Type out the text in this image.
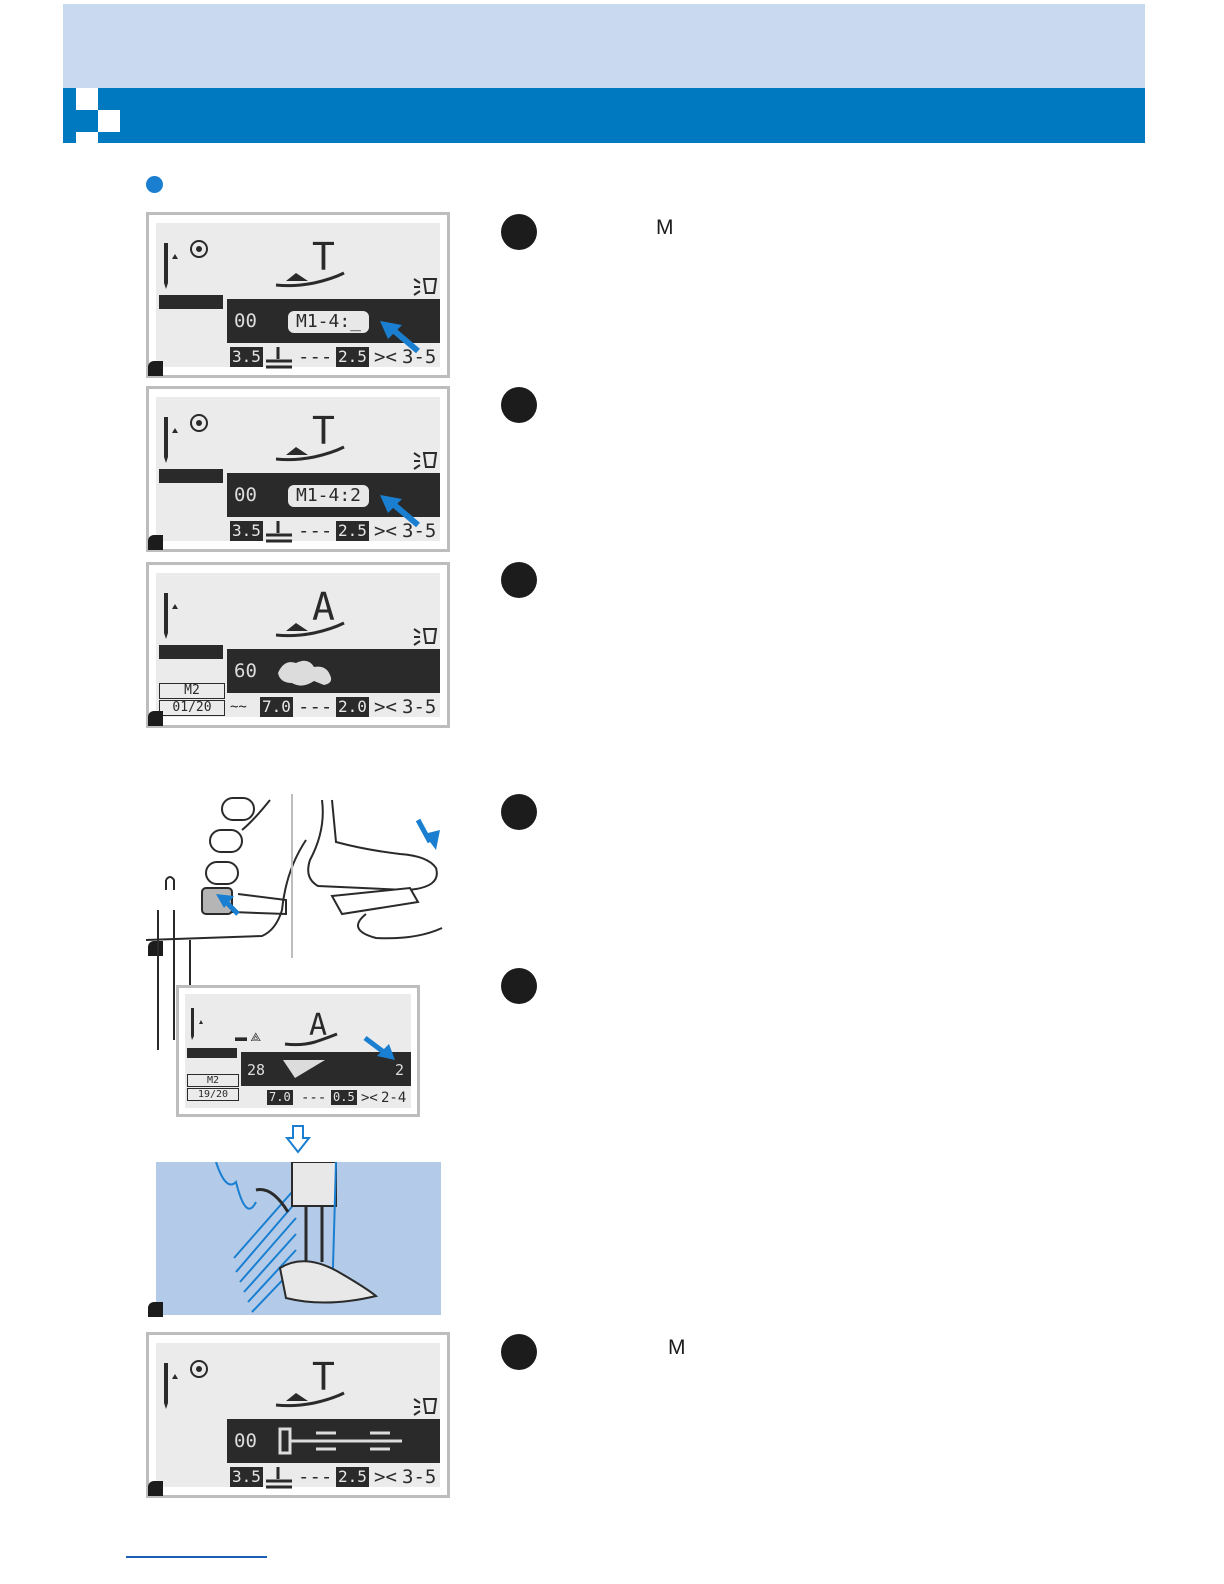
T
00	M1-4:_
3.5 --- 2.5 >< 3-5
T
00	M1-4:2
3.5 --- 2.5 >< 3-5
A
60
M2
01/20	~~ 7.0 --- 2.0 >< 3-5
▬ ⟁ A
28	2
M2
19/20	7.0 --- 0.5 >< 2-4
T
00
3.5 --- 2.5 >< 3-5
M
M
